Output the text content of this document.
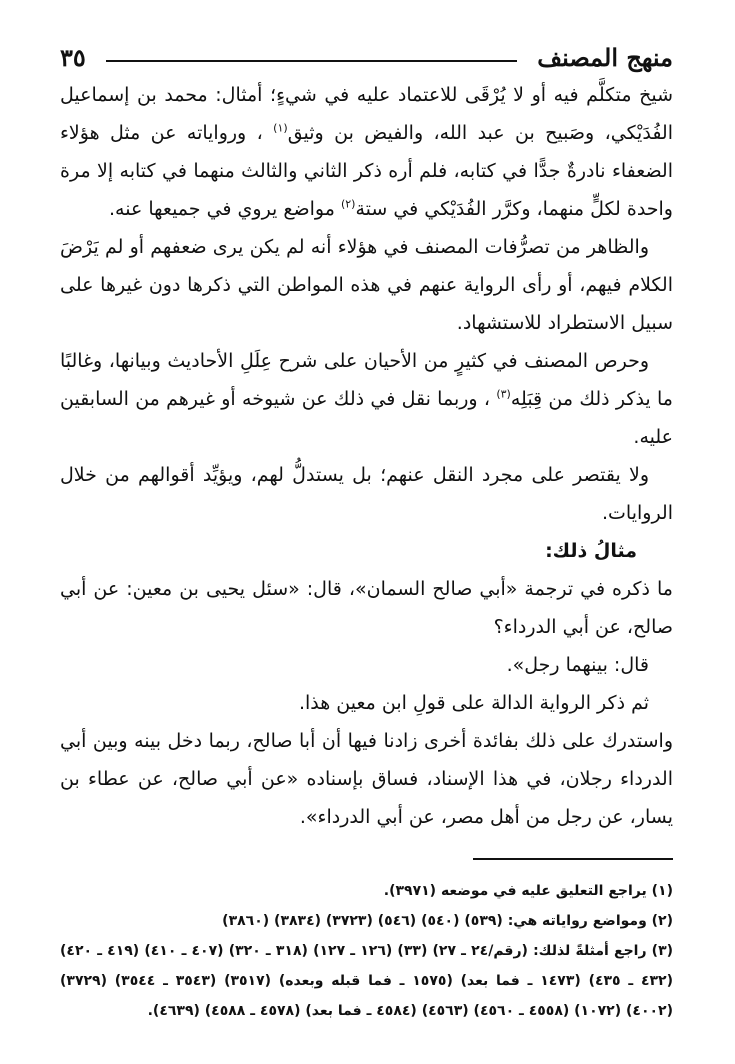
منهج المصنف
٣٥

شيخ متكلَّم فيه أو لا يُرْقَى للاعتماد عليه في شيءٍ؛ أمثال: محمد بن إسماعيل الفُدَيْكي، وصَبيح بن عبد الله، والفيض بن وثيق$^{(١)}$ ، ورواياته عن مثل هؤلاء الضعفاء نادرةٌ جدًّا في كتابه، فلم أره ذكر الثاني والثالث منهما في كتابه إلا مرة واحدة لكلٍّ منهما، وكرَّر الفُدَيْكي في ستة$^{(٢)}$ مواضع يروي في جميعها عنه.

والظاهر من تصرُّفات المصنف في هؤلاء أنه لم يكن يرى ضعفهم أو لم يَرْضَ الكلام فيهم، أو رأى الرواية عنهم في هذه المواطن التي ذكرها دون غيرها على سبيل الاستطراد للاستشهاد.

وحرص المصنف في كثيرٍ من الأحيان على شرح عِلَلِ الأحاديث وبيانها، وغالبًا ما يذكر ذلك من قِبَلِه$^{(٣)}$ ، وربما نقل في ذلك عن شيوخه أو غيرهم من السابقين عليه.

ولا يقتصر على مجرد النقل عنهم؛ بل يستدلُّ لهم، ويؤيِّد أقوالهم من خلال الروايات.

مثالُ ذلك:

ما ذكره في ترجمة «أبي صالح السمان»، قال: «سئل يحيى بن معين: عن أبي صالح، عن أبي الدرداء؟

قال: بينهما رجل».

ثم ذكر الرواية الدالة على قولِ ابن معين هذا.

واستدرك على ذلك بفائدة أخرى زادنا فيها أن أبا صالح، ربما دخل بينه وبين أبي الدرداء رجلان، في هذا الإسناد، فساق بإسناده «عن أبي صالح، عن عطاء بن يسار، عن رجل من أهل مصر، عن أبي الدرداء».

(١) يراجع التعليق عليه في موضعه (٣٩٧١).

(٢) ومواضع رواياته هي: (٥٣٩) (٥٤٠) (٥٤٦) (٣٧٢٣) (٣٨٣٤) (٣٨٦٠)

(٣) راجع أمثلةً لذلك: (رقم/٢٤ ـ ٢٧) (٣٣) (١٢٦ ـ ١٢٧) (٣١٨ ـ ٣٢٠) (٤٠٧ ـ ٤١٠) (٤١٩ ـ ٤٢٠) (٤٣٢ ـ ٤٣٥) (١٤٧٣ ـ فما بعد) (١٥٧٥ ـ فما قبله وبعده) (٣٥١٧) (٣٥٤٣ ـ ٣٥٤٤) (٣٧٢٩) (٤٠٠٢) (١٠٧٢) (٤٥٥٨ ـ ٤٥٦٠) (٤٥٦٣) (٤٥٨٤ ـ فما بعد) (٤٥٧٨ ـ ٤٥٨٨) (٤٦٣٩).
